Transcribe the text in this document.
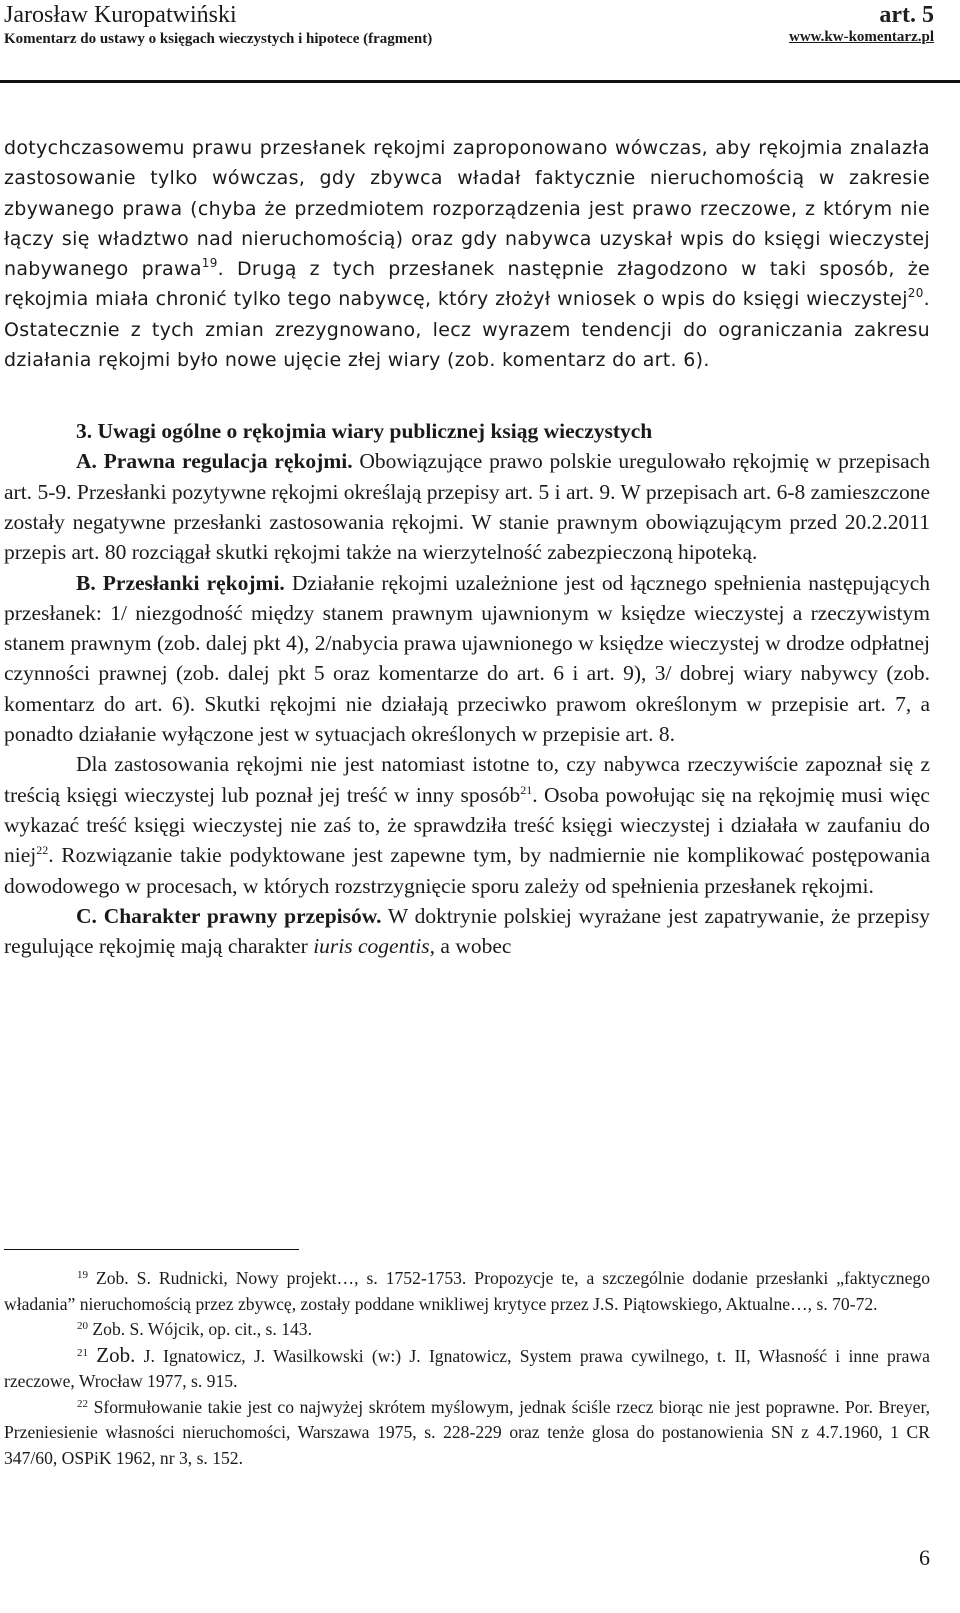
Jarosław Kuropatwiński	art. 5
Komentarz do ustawy o księgach wieczystych i hipotece (fragment)	www.kw-komentarz.pl

dotychczasowemu prawu przesłanek rękojmi zaproponowano wówczas, aby rękojmia znalazła zastosowanie tylko wówczas, gdy zbywca władał faktycznie nieruchomością w zakresie zbywanego prawa (chyba że przedmiotem rozporządzenia jest prawo rzeczowe, z którym nie łączy się władztwo nad nieruchomością) oraz gdy nabywca uzyskał wpis do księgi wieczystej nabywanego prawa$^{19}$. Drugą z tych przesłanek następnie złagodzono w taki sposób, że rękojmia miała chronić tylko tego nabywcę, który złożył wniosek o wpis do księgi wieczystej$^{20}$. Ostatecznie z tych zmian zrezygnowano, lecz wyrazem tendencji do ograniczania zakresu działania rękojmi było nowe ujęcie złej wiary (zob. komentarz do art. 6).

3. Uwagi ogólne o rękojmia wiary publicznej ksiąg wieczystych

A. Prawna regulacja rękojmi. Obowiązujące prawo polskie uregulowało rękojmię w przepisach art. 5-9. Przesłanki pozytywne rękojmi określają przepisy art. 5 i art. 9. W przepisach art. 6-8 zamieszczone zostały negatywne przesłanki zastosowania rękojmi. W stanie prawnym obowiązującym przed 20.2.2011 przepis art. 80 rozciągał skutki rękojmi także na wierzytelność zabezpieczoną hipoteką.

B. Przesłanki rękojmi. Działanie rękojmi uzależnione jest od łącznego spełnienia następujących przesłanek: 1/ niezgodność między stanem prawnym ujawnionym w księdze wieczystej a rzeczywistym stanem prawnym (zob. dalej pkt 4), 2/nabycia prawa ujawnionego w księdze wieczystej w drodze odpłatnej czynności prawnej (zob. dalej pkt 5 oraz komentarze do art. 6 i art. 9), 3/ dobrej wiary nabywcy (zob. komentarz do art. 6). Skutki rękojmi nie działają przeciwko prawom określonym w przepisie art. 7, a ponadto działanie wyłączone jest w sytuacjach określonych w przepisie art. 8.

Dla zastosowania rękojmi nie jest natomiast istotne to, czy nabywca rzeczywiście zapoznał się z treścią księgi wieczystej lub poznał jej treść w inny sposób$^{21}$. Osoba powołując się na rękojmię musi więc wykazać treść księgi wieczystej nie zaś to, że sprawdziła treść księgi wieczystej i działała w zaufaniu do niej$^{22}$. Rozwiązanie takie podyktowane jest zapewne tym, by nadmiernie nie komplikować postępowania dowodowego w procesach, w których rozstrzygnięcie sporu zależy od spełnienia przesłanek rękojmi.

C. Charakter prawny przepisów. W doktrynie polskiej wyrażane jest zapatrywanie, że przepisy regulujące rękojmię mają charakter iuris cogentis, a wobec

$^{19}$ Zob. S. Rudnicki, Nowy projekt…, s. 1752-1753. Propozycje te, a szczególnie dodanie przesłanki „faktycznego władania” nieruchomością przez zbywcę, zostały poddane wnikliwej krytyce przez J.S. Piątowskiego, Aktualne…, s. 70-72.

$^{20}$ Zob. S. Wójcik, op. cit., s. 143.

$^{21}$ Zob. J. Ignatowicz, J. Wasilkowski (w:) J. Ignatowicz, System prawa cywilnego, t. II, Własność i inne prawa rzeczowe, Wrocław 1977, s. 915.

$^{22}$ Sformułowanie takie jest co najwyżej skrótem myślowym, jednak ściśle rzecz biorąc nie jest poprawne. Por. Breyer, Przeniesienie własności nieruchomości, Warszawa 1975, s. 228-229 oraz tenże glosa do postanowienia SN z 4.7.1960, 1 CR 347/60, OSPiK 1962, nr 3, s. 152.

6
